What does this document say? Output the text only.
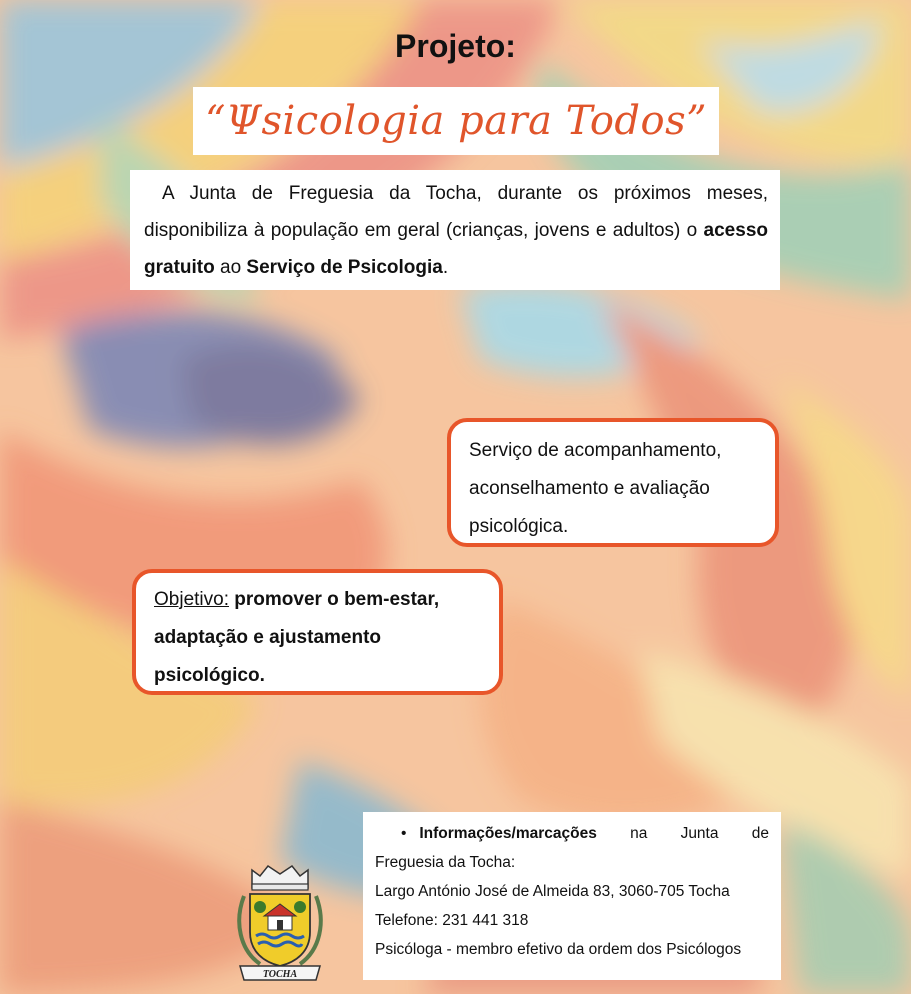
Projeto:
“Ψsicologia para Todos”
A Junta de Freguesia da Tocha, durante os próximos meses, disponibiliza à população em geral (crianças, jovens e adultos) o acesso gratuito ao Serviço de Psicologia.
Serviço de acompanhamento,
aconselhamento e avaliação
psicológica.
Objetivo: promover o bem-estar,
adaptação e ajustamento
psicológico.
• Informações/marcações na Junta de
Freguesia da Tocha:
Largo António José de Almeida 83, 3060-705 Tocha
Telefone: 231 441 318
Psicóloga - membro efetivo da ordem dos Psicólogos
TOCHA
